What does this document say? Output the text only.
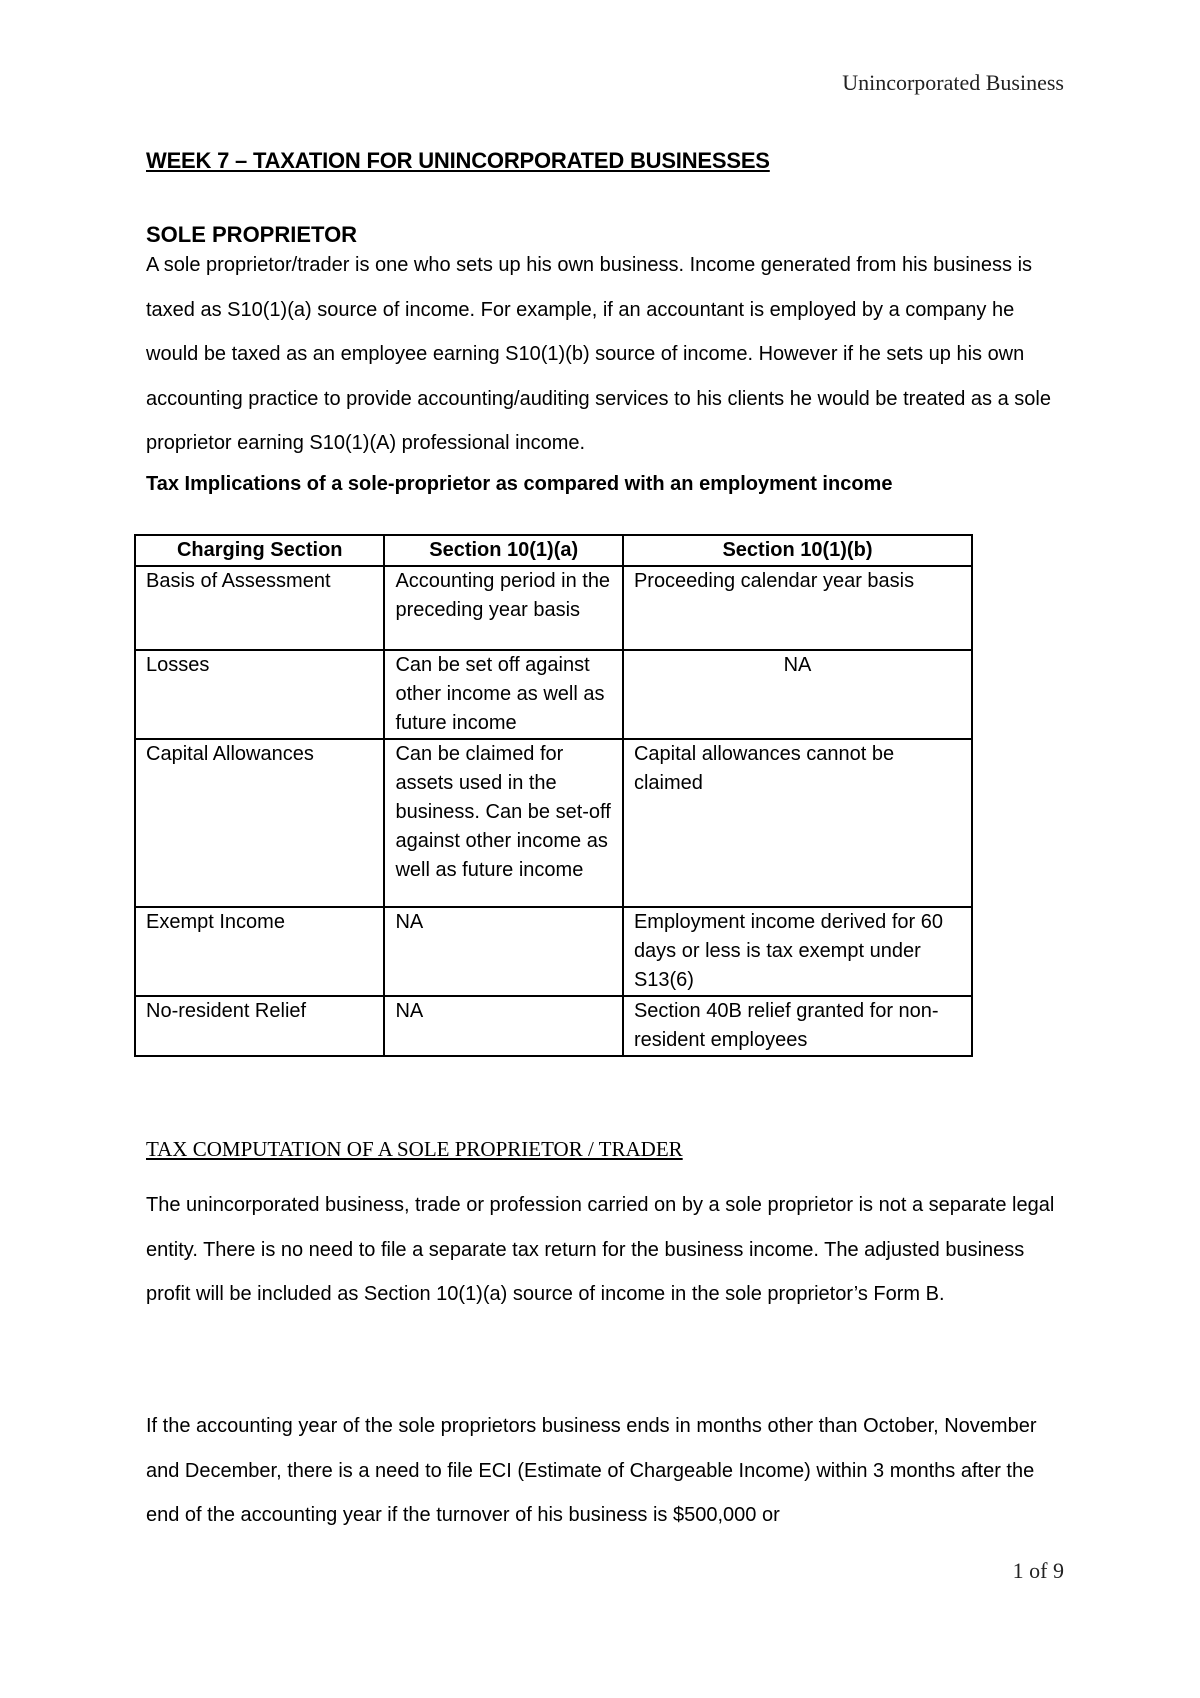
Unincorporated Business
WEEK 7 – TAXATION FOR UNINCORPORATED BUSINESSES
SOLE PROPRIETOR

A sole proprietor/trader is one who sets up his own business. Income generated from his business is taxed as S10(1)(a) source of income. For example, if an accountant is employed by a company he would be taxed as an employee earning S10(1)(b) source of income. However if he sets up his own accounting practice to provide accounting/auditing services to his clients he would be treated as a sole proprietor earning S10(1)(A) professional income.

Tax Implications of a sole-proprietor as compared with an employment income

Charging Section	Section 10(1)(a)	Section 10(1)(b)
Basis of Assessment	Accounting period in the preceding year basis	Proceeding calendar year basis
Losses	Can be set off against other income as well as future income	NA
Capital Allowances	Can be claimed for assets used in the business. Can be set-off against other income as well as future income	Capital allowances cannot be claimed
Exempt Income	NA	Employment income derived for 60 days or less is tax exempt under S13(6)
No-resident Relief	NA	Section 40B relief granted for non-resident employees
TAX COMPUTATION OF A SOLE PROPRIETOR / TRADER

The unincorporated business, trade or profession carried on by a sole proprietor is not a separate legal entity. There is no need to file a separate tax return for the business income. The adjusted business profit will be included as Section 10(1)(a) source of income in the sole proprietor’s Form B.

If the accounting year of the sole proprietors business ends in months other than October, November and December, there is a need to file ECI (Estimate of Chargeable Income) within 3 months after the end of the accounting year if the turnover of his business is $500,000 or

1 of 9
